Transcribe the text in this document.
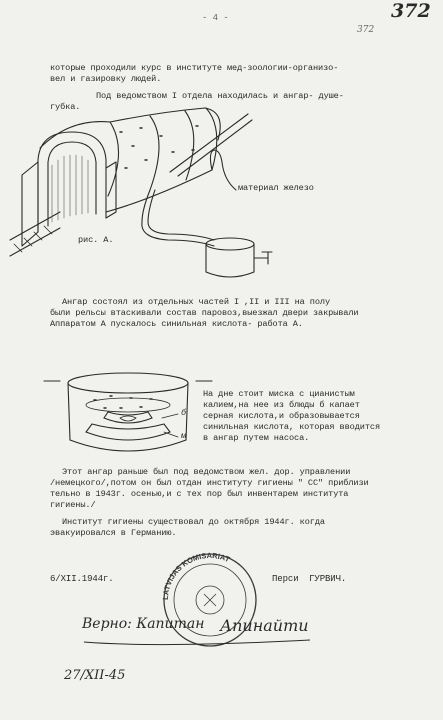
- 4 -	372
372
которые проходили курс в институте мед-зоологии-организо-
вел и газировку людей.
Под ведомством I отдела находилась и ангар- душе-
губка.
материал железо
рис. А.
Ангар состоял из отдельных частей I ,II и III на полу
были рельсы втаскивали состав паровоз,выезжал двери закрывали
Аппаратом А пускалось синильная кислота- работа А.
б
м
На дне стоит миска с цианистым
калием,на нее из блюды б капает
серная кислота,и образовывается
синильная кислота, которая вводится
в ангар путем насоса.
Этот ангар раньше был под ведомством жел. дор. управлении
/немецкого/,потом он был отдан институту гигиены " СС" приблизи
тельно в 1943г. осенью,и с тех пор был инвентарем института
гигиены./
Институт гигиены существовал до октября 1944г. когда
эвакуировался в Германию.
6/XII.1944г.	Перси  ГУРВИЧ.
LATVIJAS KOMISARIAT
Верно: Капитан Апинайти
27/XII-45
